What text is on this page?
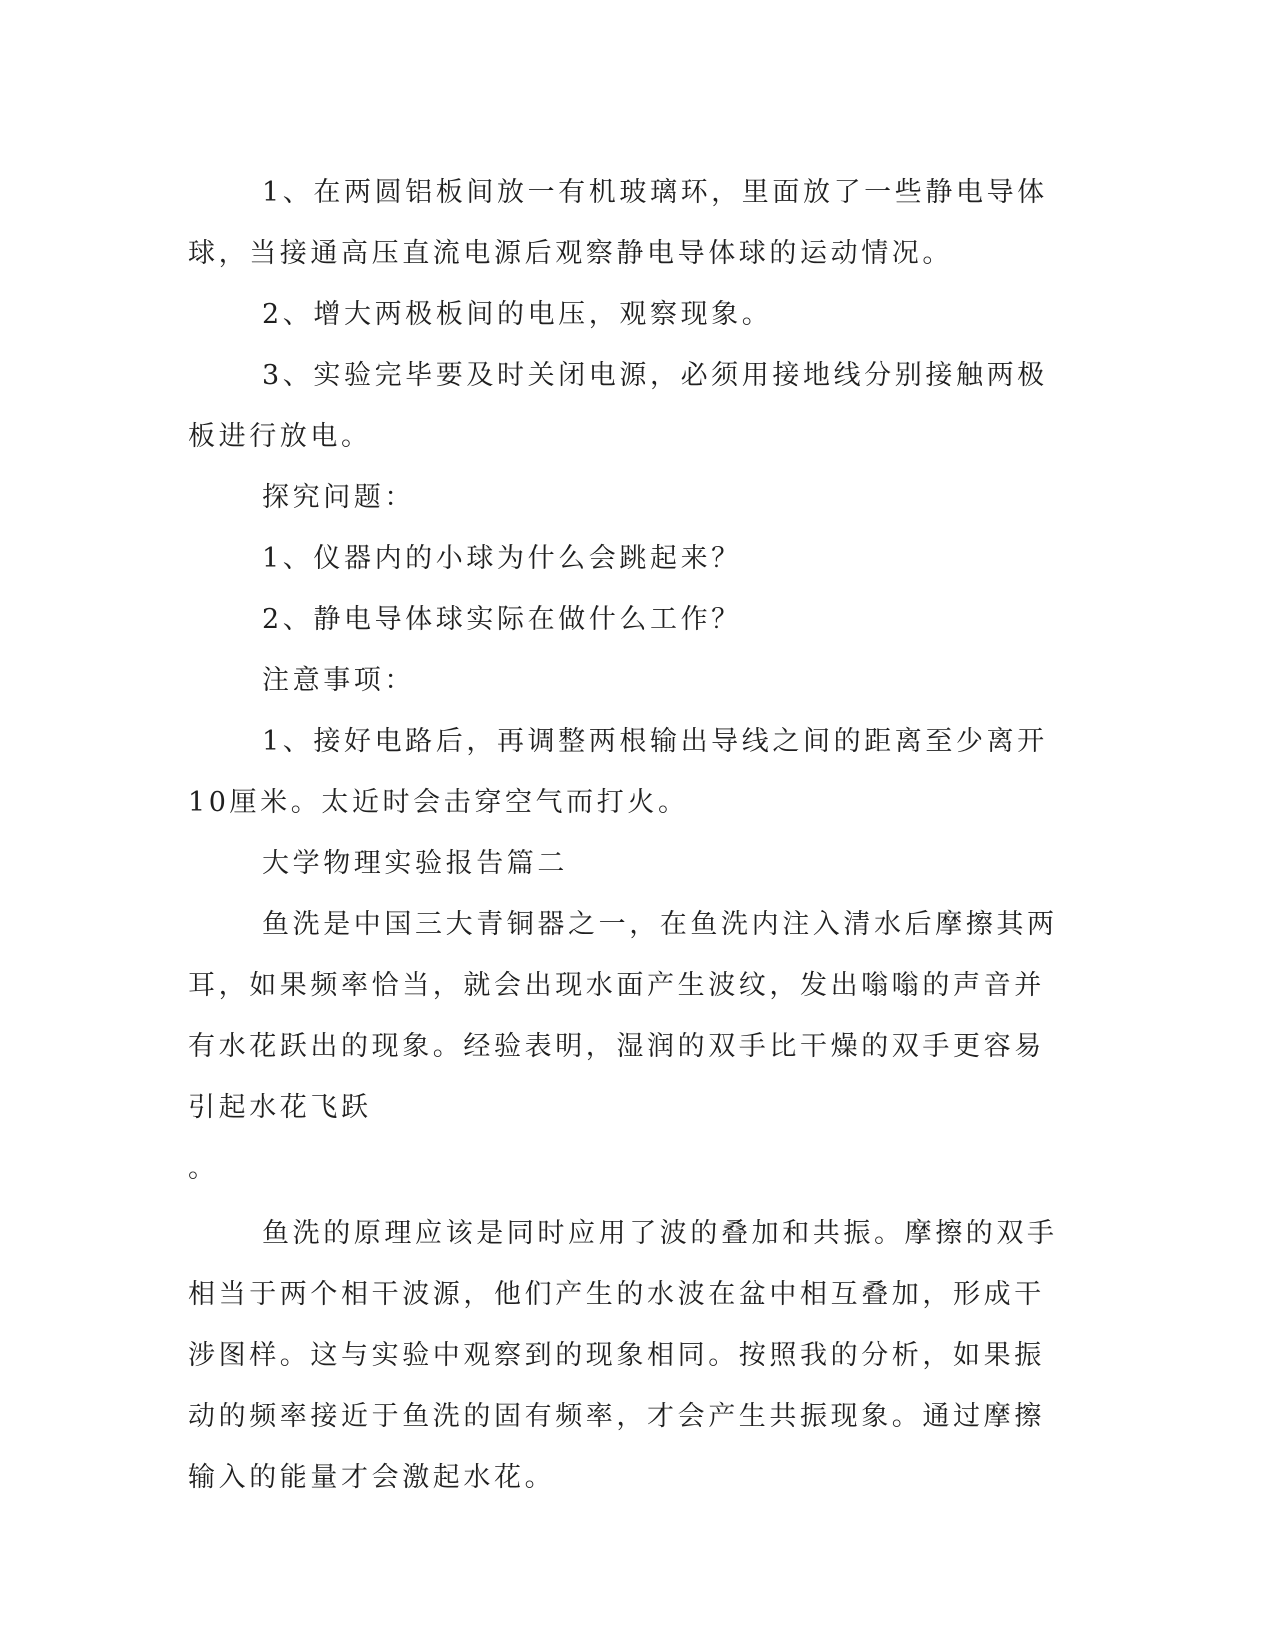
1、在两圆铝板间放一有机玻璃环，里面放了一些静电导体球，当接通高压直流电源后观察静电导体球的运动情况。

2、增大两极板间的电压，观察现象。

3、实验完毕要及时关闭电源，必须用接地线分别接触两极板进行放电。

探究问题：

1、仪器内的小球为什么会跳起来？

2、静电导体球实际在做什么工作？

注意事项：

1、接好电路后，再调整两根输出导线之间的距离至少离开10厘米。太近时会击穿空气而打火。

大学物理实验报告篇二

鱼洗是中国三大青铜器之一，在鱼洗内注入清水后摩擦其两耳，如果频率恰当，就会出现水面产生波纹，发出嗡嗡的声音并有水花跃出的现象。经验表明，湿润的双手比干燥的双手更容易引起水花飞跃

。

鱼洗的原理应该是同时应用了波的叠加和共振。摩擦的双手相当于两个相干波源，他们产生的水波在盆中相互叠加，形成干涉图样。这与实验中观察到的现象相同。按照我的分析，如果振动的频率接近于鱼洗的固有频率，才会产生共振现象。通过摩擦输入的能量才会激起水花。
